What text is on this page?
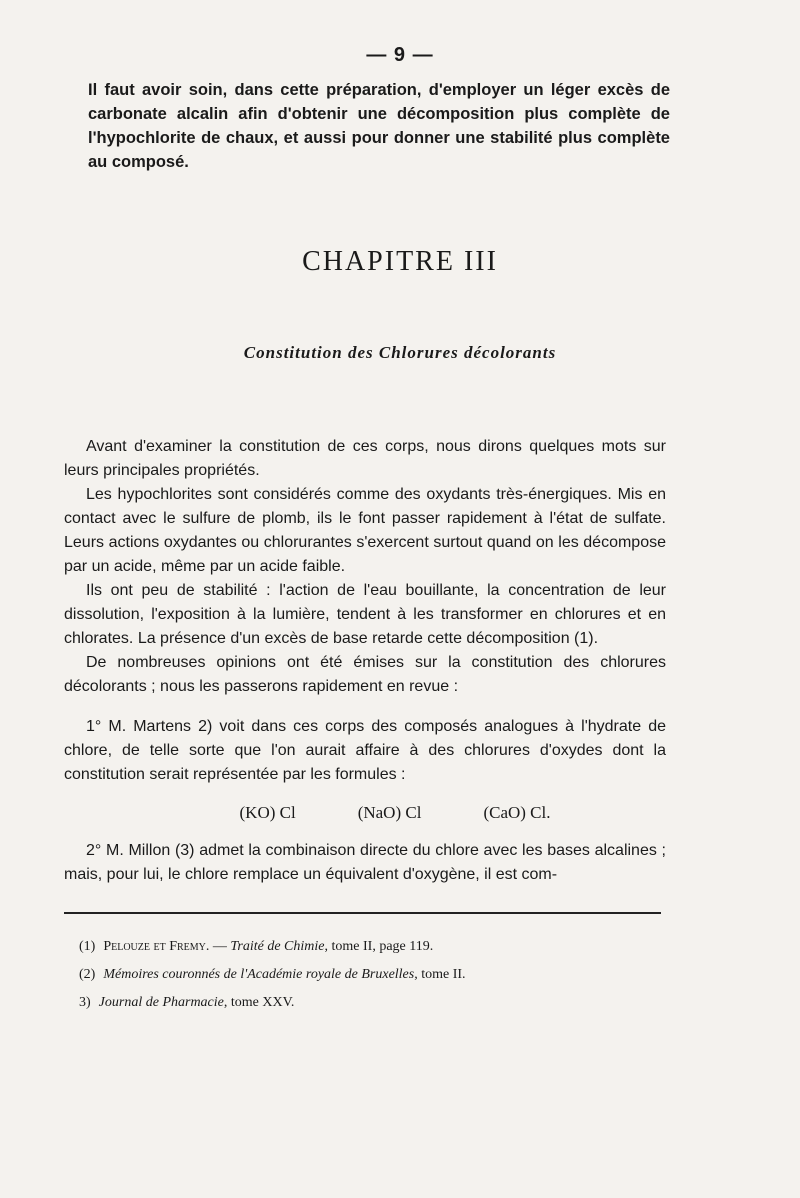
— 9 —
Il faut avoir soin, dans cette préparation, d'employer un léger excès de carbonate alcalin afin d'obtenir une décomposition plus complète de l'hypochlorite de chaux, et aussi pour donner une stabilité plus complète au composé.
CHAPITRE III
Constitution des Chlorures décolorants

Avant d'examiner la constitution de ces corps, nous dirons quelques mots sur leurs principales propriétés.

Les hypochlorites sont considérés comme des oxydants très-énergiques. Mis en contact avec le sulfure de plomb, ils le font passer rapidement à l'état de sulfate. Leurs actions oxydantes ou chlorurantes s'exercent surtout quand on les décompose par un acide, même par un acide faible.

Ils ont peu de stabilité : l'action de l'eau bouillante, la concentration de leur dissolution, l'exposition à la lumière, tendent à les transformer en chlorures et en chlorates. La présence d'un excès de base retarde cette décomposition (1).

De nombreuses opinions ont été émises sur la constitution des chlorures décolorants ; nous les passerons rapidement en revue :

1° M. Martens 2) voit dans ces corps des composés analogues à l'hydrate de chlore, de telle sorte que l'on aurait affaire à des chlorures d'oxydes dont la constitution serait représentée par les formules :

(KO) Cl	(NaO) Cl	(CaO) Cl.

2° M. Millon (3) admet la combinaison directe du chlore avec les bases alcalines ; mais, pour lui, le chlore remplace un équivalent d'oxygène, il est com-

(1) Pelouze et Fremy. — Traité de Chimie, tome II, page 119.
(2) Mémoires couronnés de l'Académie royale de Bruxelles, tome II.
3) Journal de Pharmacie, tome XXV.
